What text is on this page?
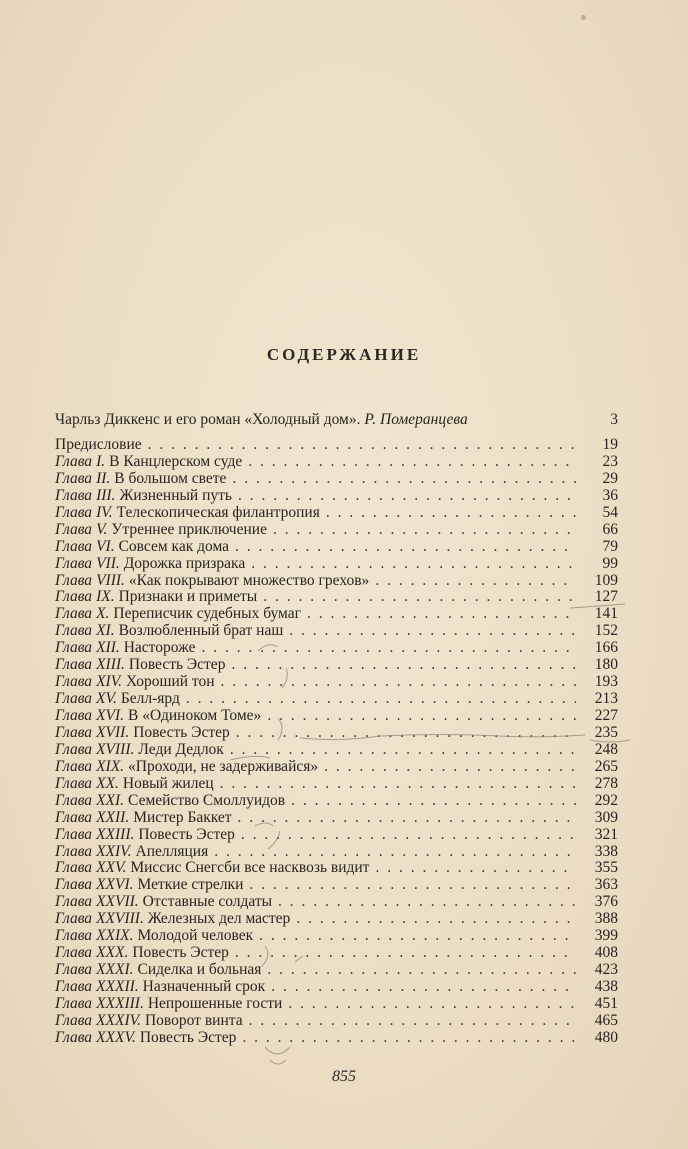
СОДЕРЖАНИЕ
Чарльз Диккенс и его роман «Холодный дом». Р. Померанцева	3
Предисловие . . .	19
Глава I. В Канцлерском суде . . .	23
Глава II. В большом свете . . .	29
Глава III. Жизненный путь . . .	36
Глава IV. Телескопическая филантропия . . .	54
Глава V. Утреннее приключение . . .	66
Глава VI. Совсем как дома . . .	79
Глава VII. Дорожка призрака . . .	99
Глава VIII. «Как покрывают множество грехов» . . .	109
Глава IX. Признаки и приметы . . .	127
Глава X. Переписчик судебных бумаг . . .	141
Глава XI. Возлюбленный брат наш . . .	152
Глава XII. Настороже . . .	166
Глава XIII. Повесть Эстер . . .	180
Глава XIV. Хороший тон . . .	193
Глава XV. Белл-ярд . . .	213
Глава XVI. В «Одиноком Томе» . . .	227
Глава XVII. Повесть Эстер . . .	235
Глава XVIII. Леди Дедлок . . .	248
Глава XIX. «Проходи, не задерживайся» . . .	265
Глава XX. Новый жилец . . .	278
Глава XXI. Семейство Смоллуидов . . .	292
Глава XXII. Мистер Баккет . . .	309
Глава XXIII. Повесть Эстер . . .	321
Глава XXIV. Апелляция . . .	338
Глава XXV. Миссис Снегсби все насквозь видит . . .	355
Глава XXVI. Меткие стрелки . . .	363
Глава XXVII. Отставные солдаты . . .	376
Глава XXVIII. Железных дел мастер . . .	388
Глава XXIX. Молодой человек . . .	399
Глава XXX. Повесть Эстер . . .	408
Глава XXXI. Сиделка и больная . . .	423
Глава XXXII. Назначенный срок . . .	438
Глава XXXIII. Непрошенные гости . . .	451
Глава XXXIV. Поворот винта . . .	465
Глава XXXV. Повесть Эстер . . .	480
855
